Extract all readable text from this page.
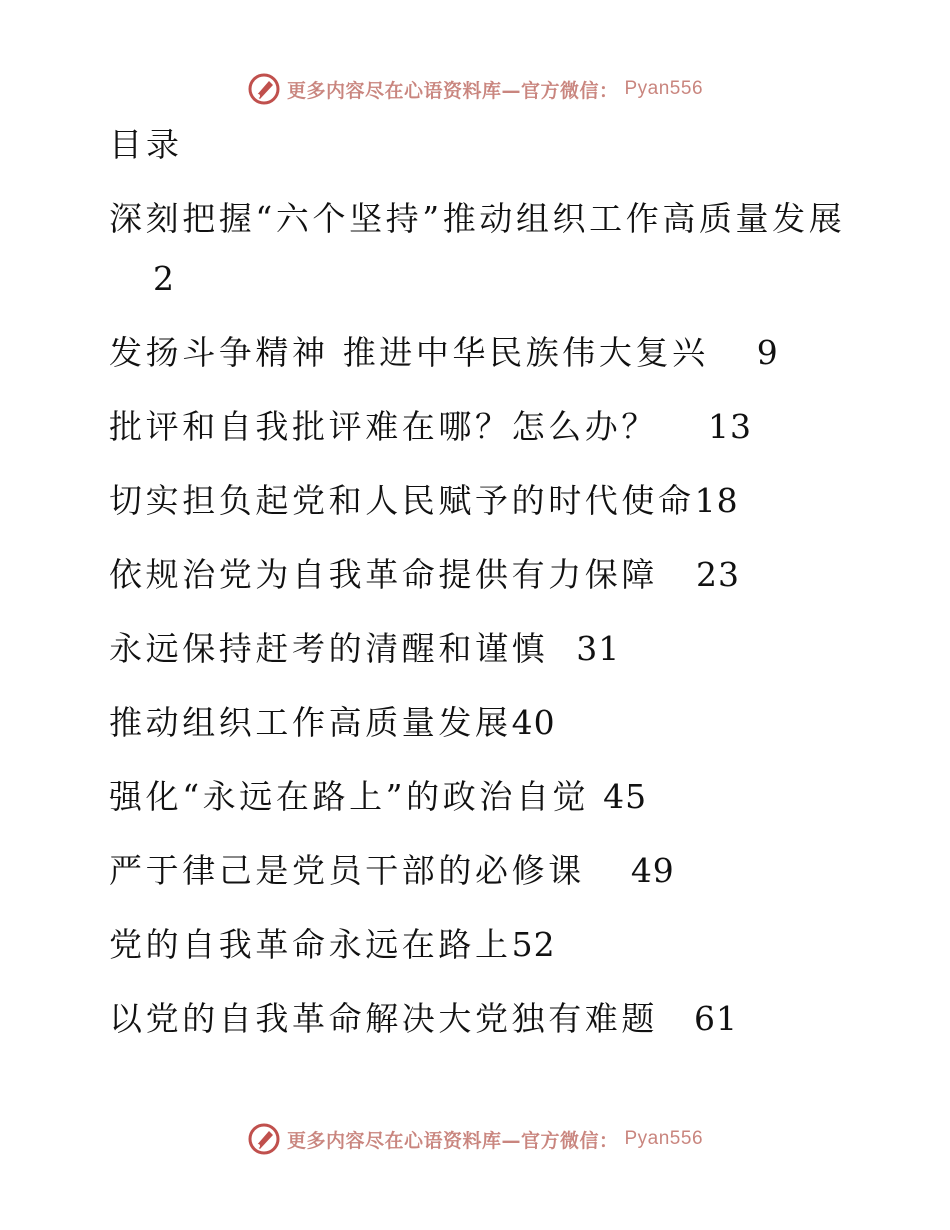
更多内容尽在心语资料库—官方微信： Pyan556
目录
深刻把握“六个坚持”推动组织工作高质量发展
2
发扬斗争精神 推进中华民族伟大复兴 9
批评和自我批评难在哪？怎么办？ 13
切实担负起党和人民赋予的时代使命18
依规治党为自我革命提供有力保障 23
永远保持赶考的清醒和谨慎 31
推动组织工作高质量发展40
强化“永远在路上”的政治自觉 45
严于律己是党员干部的必修课 49
党的自我革命永远在路上52
以党的自我革命解决大党独有难题 61
更多内容尽在心语资料库—官方微信： Pyan556
